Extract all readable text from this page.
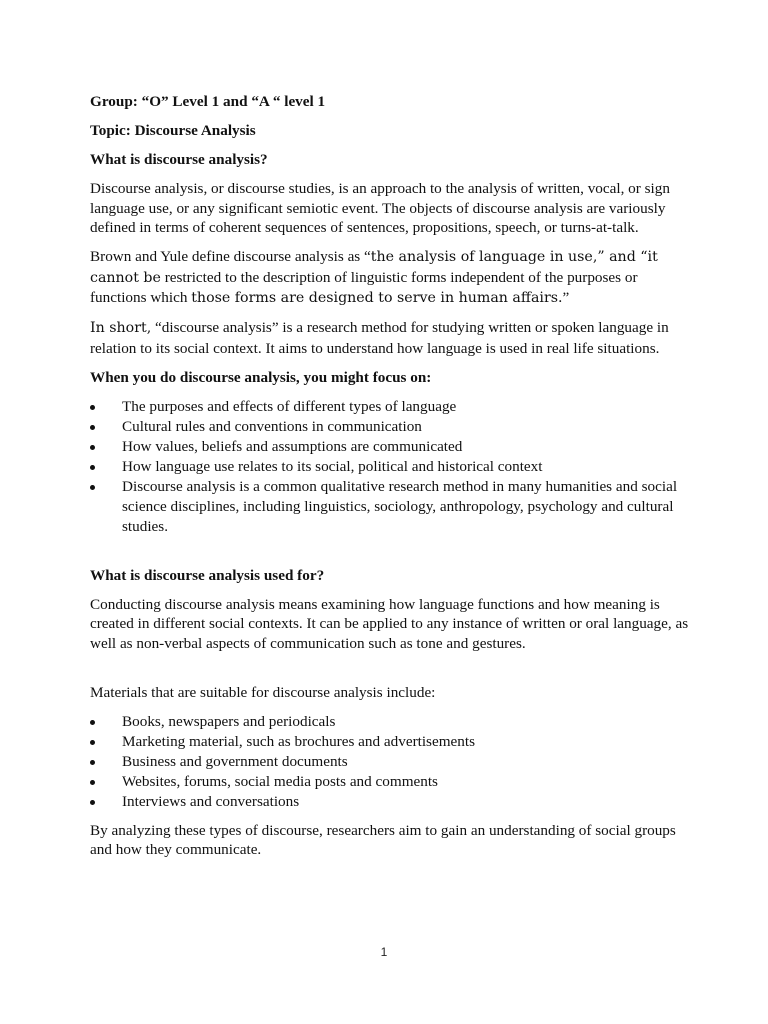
Group: “O” Level 1 and “A “ level 1

Topic: Discourse Analysis

What is discourse analysis?

Discourse analysis, or discourse studies, is an approach to the analysis of written, vocal, or sign language use, or any significant semiotic event. The objects of discourse analysis are variously defined in terms of coherent sequences of sentences, propositions, speech, or turns-at-talk.

Brown and Yule define discourse analysis as “the analysis of language in use,” and “it cannot be restricted to the description of linguistic forms independent of the purposes or functions which those forms are designed to serve in human affairs.”

In short, “discourse analysis” is a research method for studying written or spoken language in relation to its social context. It aims to understand how language is used in real life situations.

When you do discourse analysis, you might focus on:

The purposes and effects of different types of language
Cultural rules and conventions in communication
How values, beliefs and assumptions are communicated
How language use relates to its social, political and historical context
Discourse analysis is a common qualitative research method in many humanities and social science disciplines, including linguistics, sociology, anthropology, psychology and cultural studies.

What is discourse analysis used for?

Conducting discourse analysis means examining how language functions and how meaning is created in different social contexts. It can be applied to any instance of written or oral language, as well as non-verbal aspects of communication such as tone and gestures.

Materials that are suitable for discourse analysis include:

Books, newspapers and periodicals
Marketing material, such as brochures and advertisements
Business and government documents
Websites, forums, social media posts and comments
Interviews and conversations

By analyzing these types of discourse, researchers aim to gain an understanding of social groups and how they communicate.

1
